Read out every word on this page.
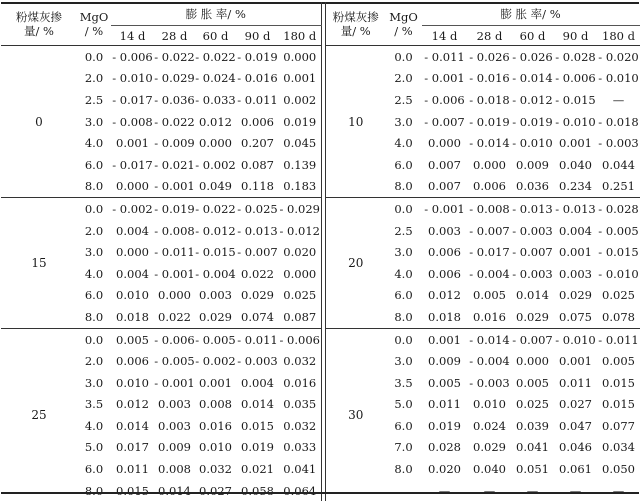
粉煤灰掺量/ %	MgO
/ %	膨 胀 率/ %				
		14 d	28 d	60 d	90 d	180 d
0	0.0	- 0.006	- 0.022	- 0.022	- 0.019	0.000
	2.0	- 0.010	- 0.029	- 0.024	- 0.016	0.001
	2.5	- 0.017	- 0.036	- 0.033	- 0.011	0.002
	3.0	- 0.008	- 0.022	0.012	0.006	0.019
	4.0	0.001	- 0.009	0.000	0.207	0.045
	6.0	- 0.017	- 0.021	- 0.002	0.087	0.139
	8.0	0.000	- 0.001	0.049	0.118	0.183
15	0.0	- 0.002	- 0.019	- 0.022	- 0.025	- 0.029
	2.0	0.004	- 0.008	- 0.012	- 0.013	- 0.012
	3.0	0.000	- 0.011	- 0.015	- 0.007	0.020
	4.0	0.004	- 0.001	- 0.004	0.022	0.000
	6.0	0.010	0.000	0.003	0.029	0.025
	8.0	0.018	0.022	0.029	0.074	0.087
25	0.0	0.005	- 0.006	- 0.005	- 0.011	- 0.006
	2.0	0.006	- 0.005	- 0.002	- 0.003	0.032
	3.0	0.010	- 0.001	0.001	0.004	0.016
	3.5	0.012	0.003	0.008	0.014	0.035
	4.0	0.014	0.003	0.016	0.015	0.032
	5.0	0.017	0.009	0.010	0.019	0.033
	6.0	0.011	0.008	0.032	0.021	0.041
	8.0	0.015	0.014	0.027	0.058	0.064
粉煤灰掺量/ %	MgO
/ %	膨 胀 率/ %				
		14 d	28 d	60 d	90 d	180 d
10	0.0	- 0.011	- 0.026	- 0.026	- 0.028	- 0.020
	2.0	- 0.001	- 0.016	- 0.014	- 0.006	- 0.010
	2.5	- 0.006	- 0.018	- 0.012	- 0.015	—
	3.0	- 0.007	- 0.019	- 0.019	- 0.010	- 0.018
	4.0	0.000	- 0.014	- 0.010	0.001	- 0.003
	6.0	0.007	0.000	0.009	0.040	0.044
	8.0	0.007	0.006	0.036	0.234	0.251
20	0.0	- 0.001	- 0.008	- 0.013	- 0.013	- 0.028
	2.5	0.003	- 0.007	- 0.003	0.004	- 0.005
	3.0	0.006	- 0.017	- 0.007	0.001	- 0.015
	4.0	0.006	- 0.004	- 0.003	0.003	- 0.010
	6.0	0.012	0.005	0.014	0.029	0.025
	8.0	0.018	0.016	0.029	0.075	0.078
30	0.0	0.001	- 0.014	- 0.007	- 0.010	- 0.011
	3.0	0.009	- 0.004	0.000	0.001	0.005
	3.5	0.005	- 0.003	0.005	0.011	0.015
	5.0	0.011	0.010	0.025	0.027	0.015
	6.0	0.019	0.024	0.039	0.047	0.077
	7.0	0.028	0.029	0.041	0.046	0.034
	8.0	0.020	0.040	0.051	0.061	0.050
		—	—	—	—	—
